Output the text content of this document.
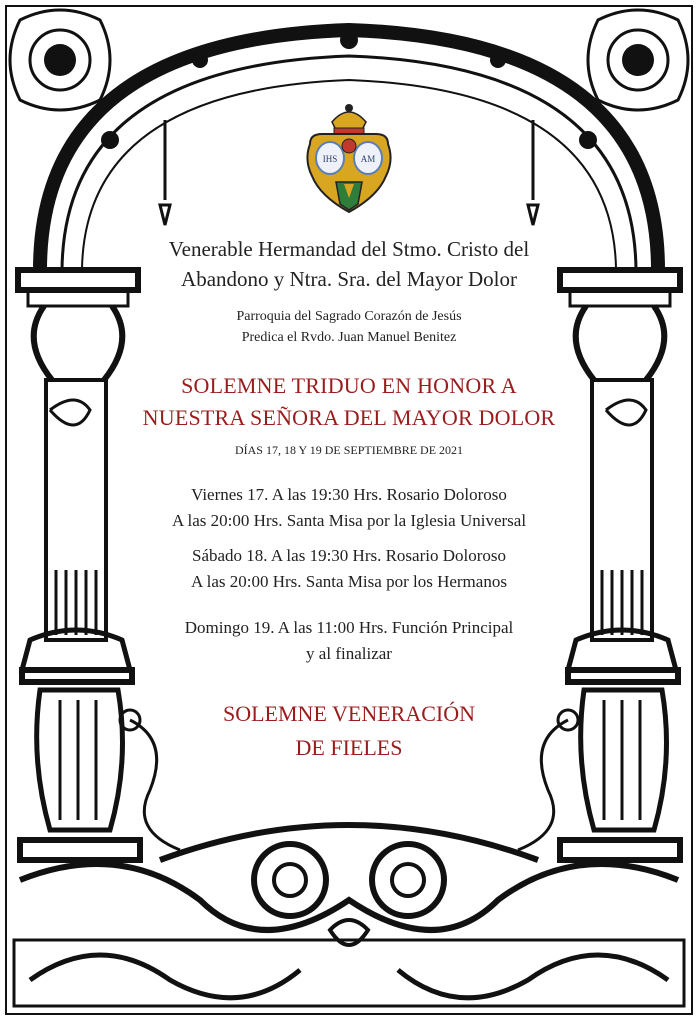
IHS	AM
Venerable Hermandad del Stmo. Cristo del
Abandono y Ntra. Sra. del Mayor Dolor
Parroquia del Sagrado Corazón de Jesús
Predica el Rvdo. Juan Manuel Benitez
SOLEMNE TRIDUO EN HONOR A
NUESTRA SEÑORA DEL MAYOR DOLOR
DÍAS 17, 18 Y 19 DE SEPTIEMBRE DE 2021
Viernes 17. A las 19:30 Hrs. Rosario Doloroso
A las 20:00 Hrs. Santa Misa por la Iglesia Universal
Sábado 18. A las 19:30 Hrs. Rosario Doloroso
A las 20:00 Hrs. Santa Misa por los Hermanos
Domingo 19. A las 11:00 Hrs. Función Principal
y al finalizar
SOLEMNE VENERACIÓN
DE FIELES
